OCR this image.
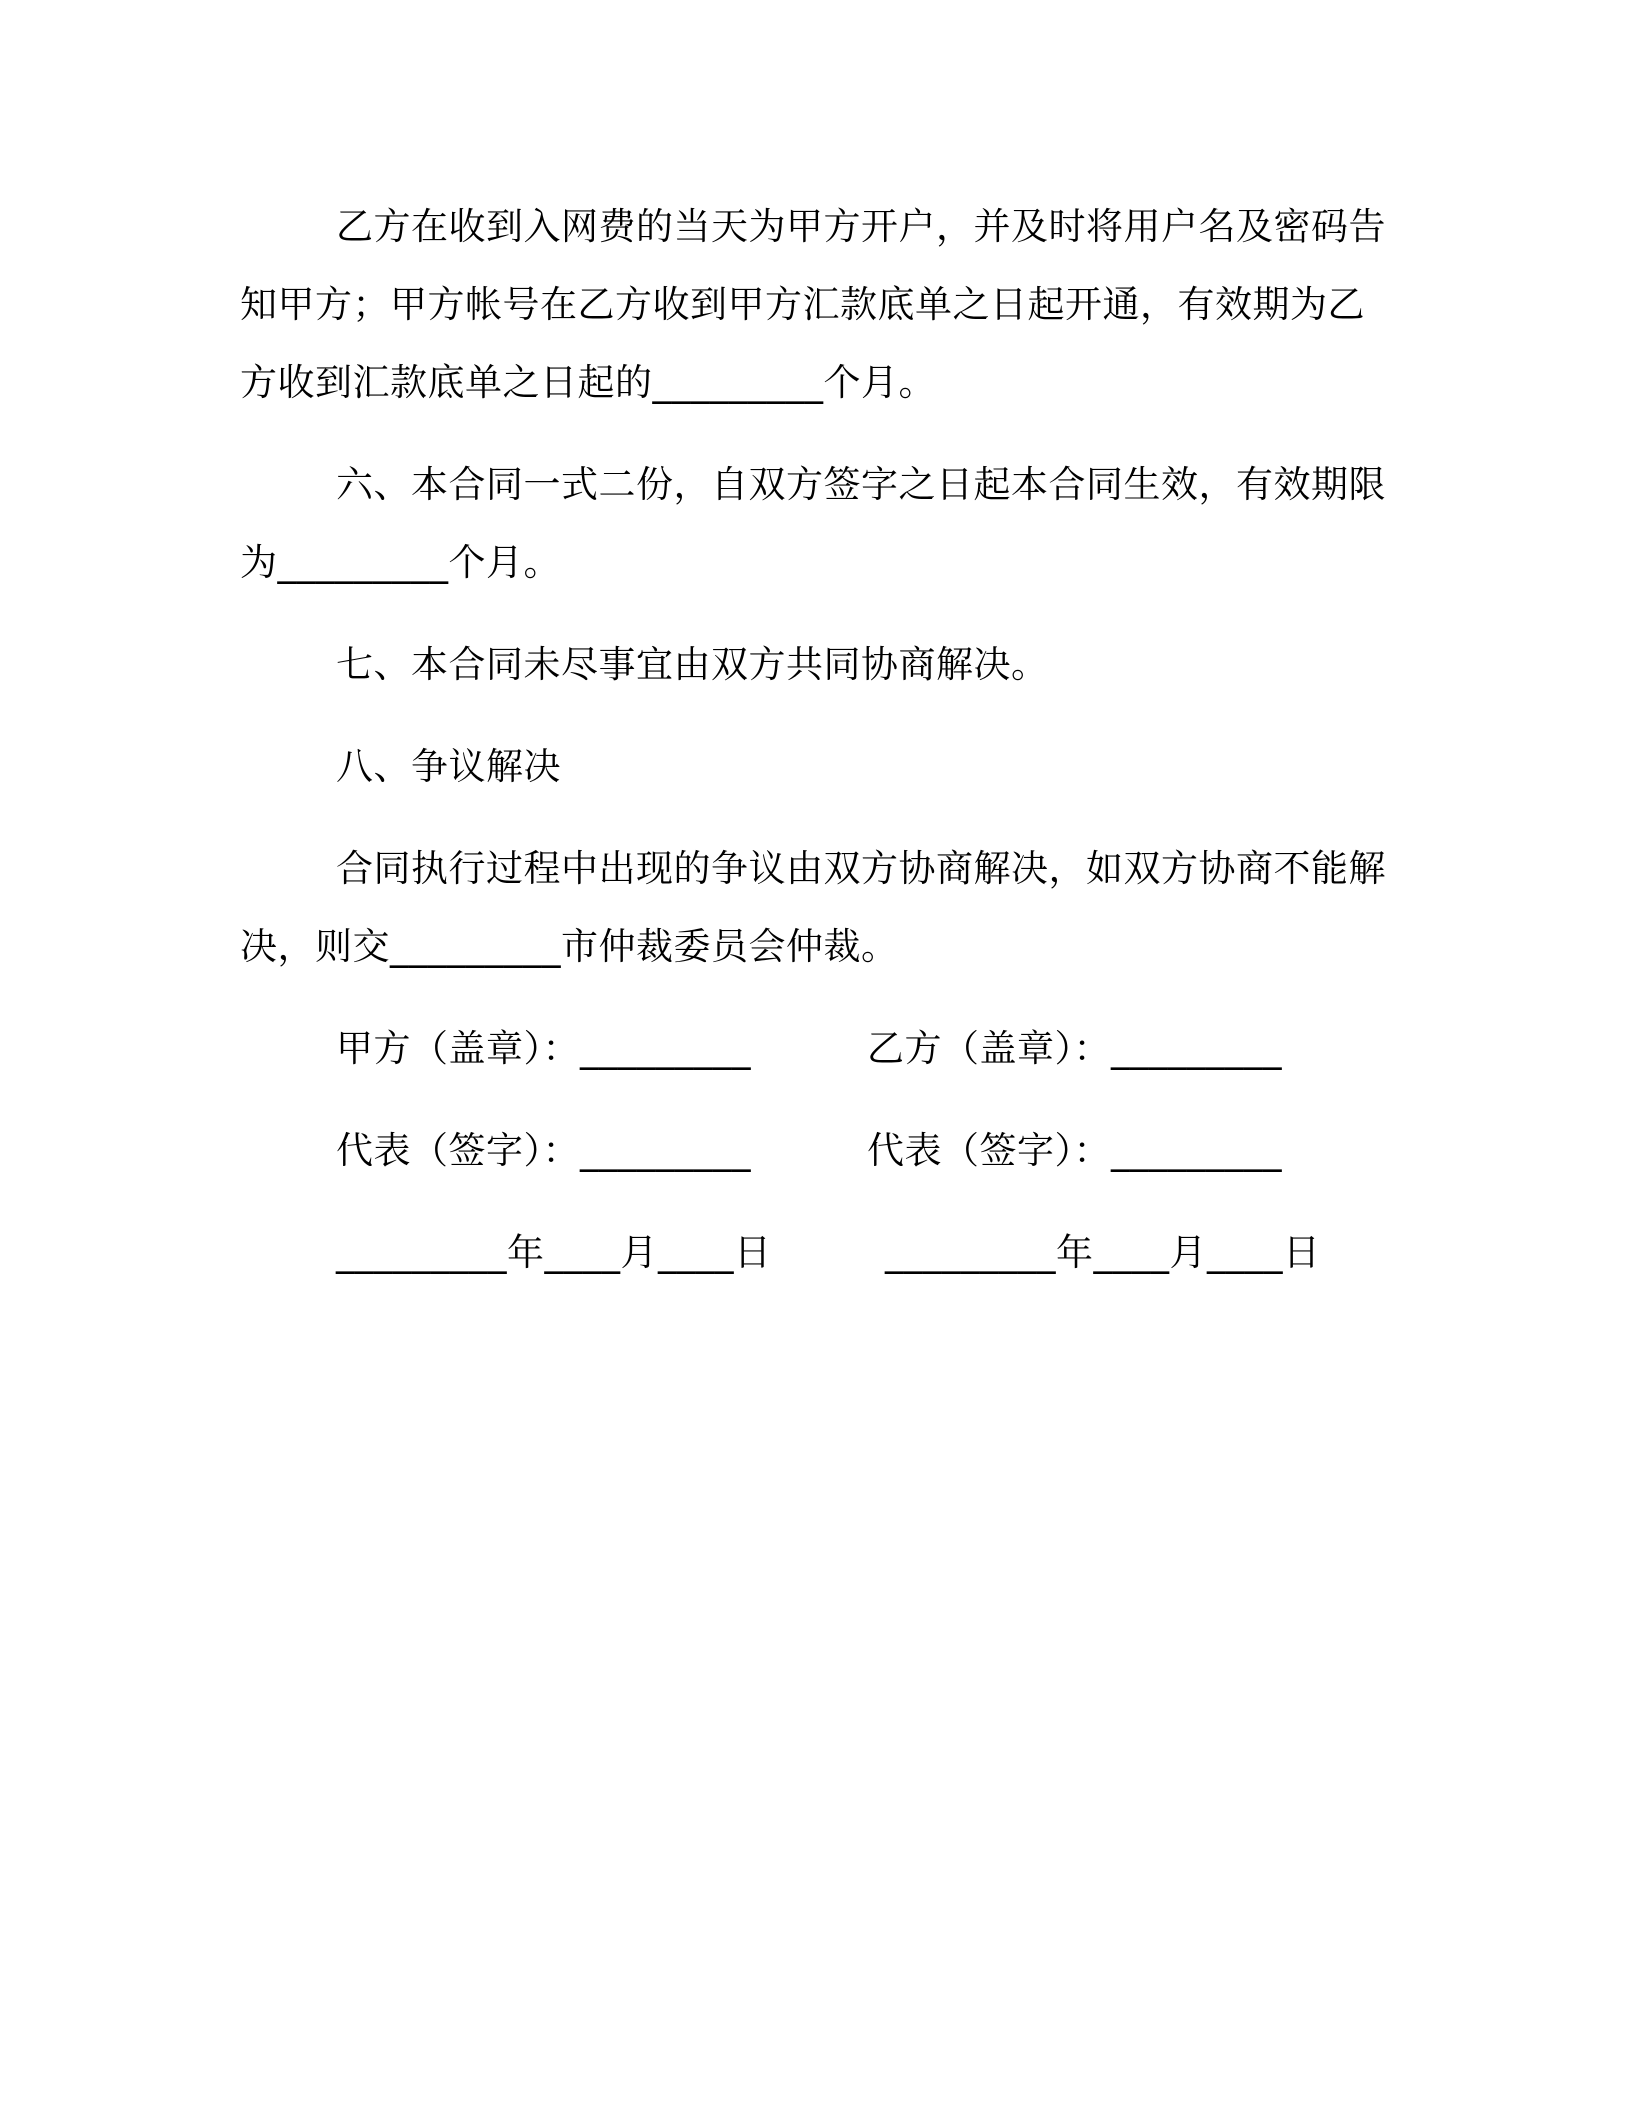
乙方在收到入网费的当天为甲方开户，并及时将用户名及密码告知甲方；甲方帐号在乙方收到甲方汇款底单之日起开通，有效期为乙方收到汇款底单之日起的_________个月。

六、本合同一式二份，自双方签字之日起本合同生效，有效期限为_________个月。

七、本合同未尽事宜由双方共同协商解决。

八、争议解决

合同执行过程中出现的争议由双方协商解决，如双方协商不能解决，则交_________市仲裁委员会仲裁。

甲方（盖章）：_________	乙方（盖章）：_________
代表（签字）：_________	代表（签字）：_________
_________年____月____日	_________年____月____日
